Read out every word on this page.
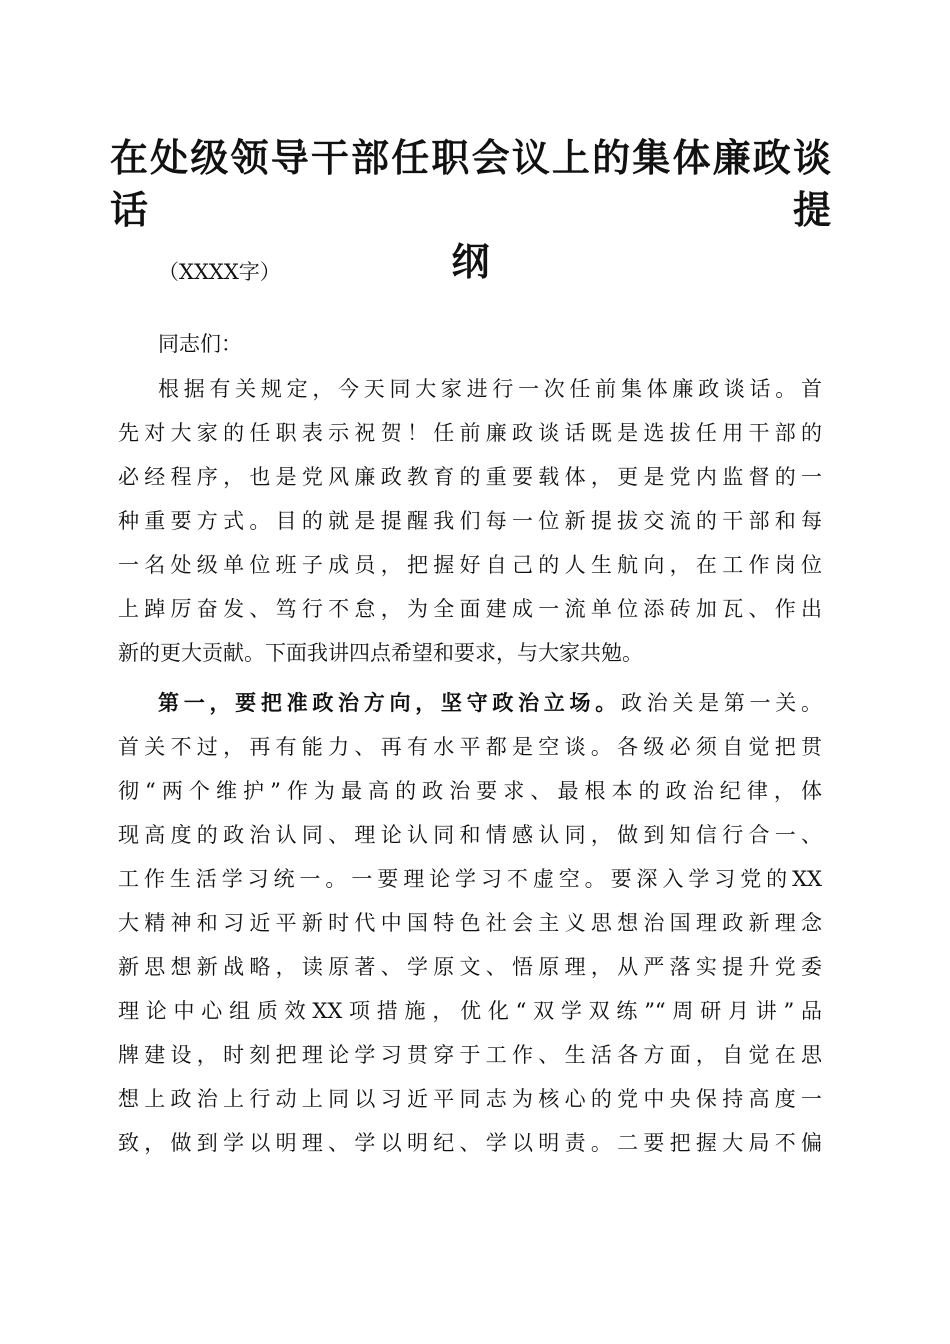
在处级领导干部任职会议上的集体廉政谈话提
纲
（XXXX字）
同志们：
根据有关规定，今天同大家进行一次任前集体廉政谈话。首
先对大家的任职表示祝贺！任前廉政谈话既是选拔任用干部的
必经程序，也是党风廉政教育的重要载体，更是党内监督的一
种重要方式。目的就是提醒我们每一位新提拔交流的干部和每
一名处级单位班子成员，把握好自己的人生航向，在工作岗位
上踔厉奋发、笃行不怠，为全面建成一流单位添砖加瓦、作出
新的更大贡献。下面我讲四点希望和要求，与大家共勉。
第一，要把准政治方向，坚守政治立场。政治关是第一关。
首关不过，再有能力、再有水平都是空谈。各级必须自觉把贯
彻“两个维护”作为最高的政治要求、最根本的政治纪律，体
现高度的政治认同、理论认同和情感认同，做到知信行合一、
工作生活学习统一。一要理论学习不虚空。要深入学习党的XX
大精神和习近平新时代中国特色社会主义思想治国理政新理念
新思想新战略，读原著、学原文、悟原理，从严落实提升党委
理论中心组质效XX项措施，优化“双学双练”“周研月讲”品
牌建设，时刻把理论学习贯穿于工作、生活各方面，自觉在思
想上政治上行动上同以习近平同志为核心的党中央保持高度一
致，做到学以明理、学以明纪、学以明责。二要把握大局不偏
